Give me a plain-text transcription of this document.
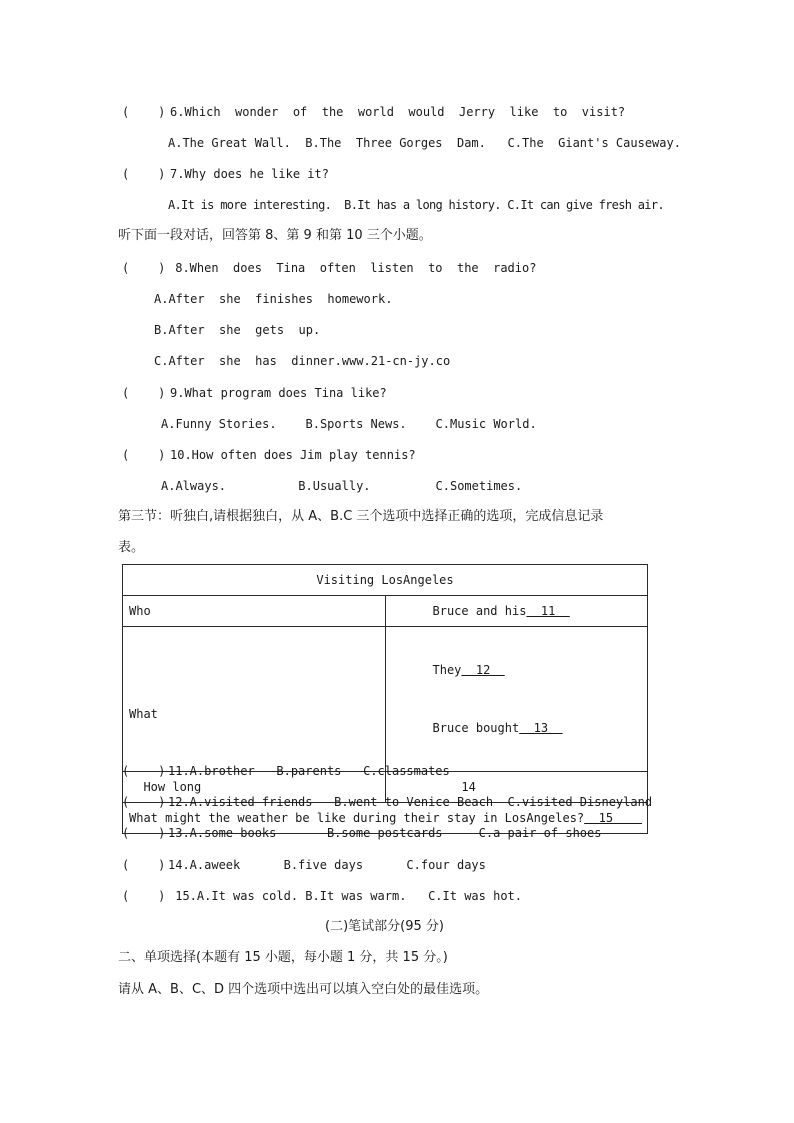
(    ) 6.Which  wonder  of  the  world  would  Jerry  like  to  visit?
A.The Great Wall.  B.The  Three Gorges  Dam.   C.The  Giant's Causeway.
(    ) 7.Why does he like it?
A.It is more interesting.  B.It has a long history. C.It can give fresh air.
听下面一段对话，回答第 8、第 9 和第 10 三个小题。
(    ) 8.When  does  Tina  often  listen  to  the  radio?
A.After  she  finishes  homework.
B.After  she  gets  up.
C.After  she  has  dinner.www.21-cn-jy.co
(    ) 9.What program does Tina like?
A.Funny Stories.    B.Sports News.    C.Music World.
(    ) 10.How often does Jim play tennis?
A.Always.          B.Usually.         C.Sometimes.
第三节：听独白,请根据独白，从 A、B.C 三个选项中选择正确的选项，完成信息记录
表。
Visiting LosAngeles	
Who	Bruce and his  11

What	They  12

Bruce bought  13

How long	14
What might the weather be like during their stay in LosAngeles?  15	
(    ) 11.A.brother   B.parents   C.classmates
(    ) 12.A.visited friends   B.went to Venice Beach  C.visited Disneyland
(    ) 13.A.some books       B.some postcards     C.a pair of shoes
(    ) 14.A.aweek      B.five days      C.four days
(    ) 15.A.It was cold. B.It was warm.   C.It was hot.
(二)笔试部分(95 分)
二、单项选择(本题有 15 小题，每小题 1 分，共 15 分。)
请从 A、B、C、D 四个选项中选出可以填入空白处的最佳选项。
